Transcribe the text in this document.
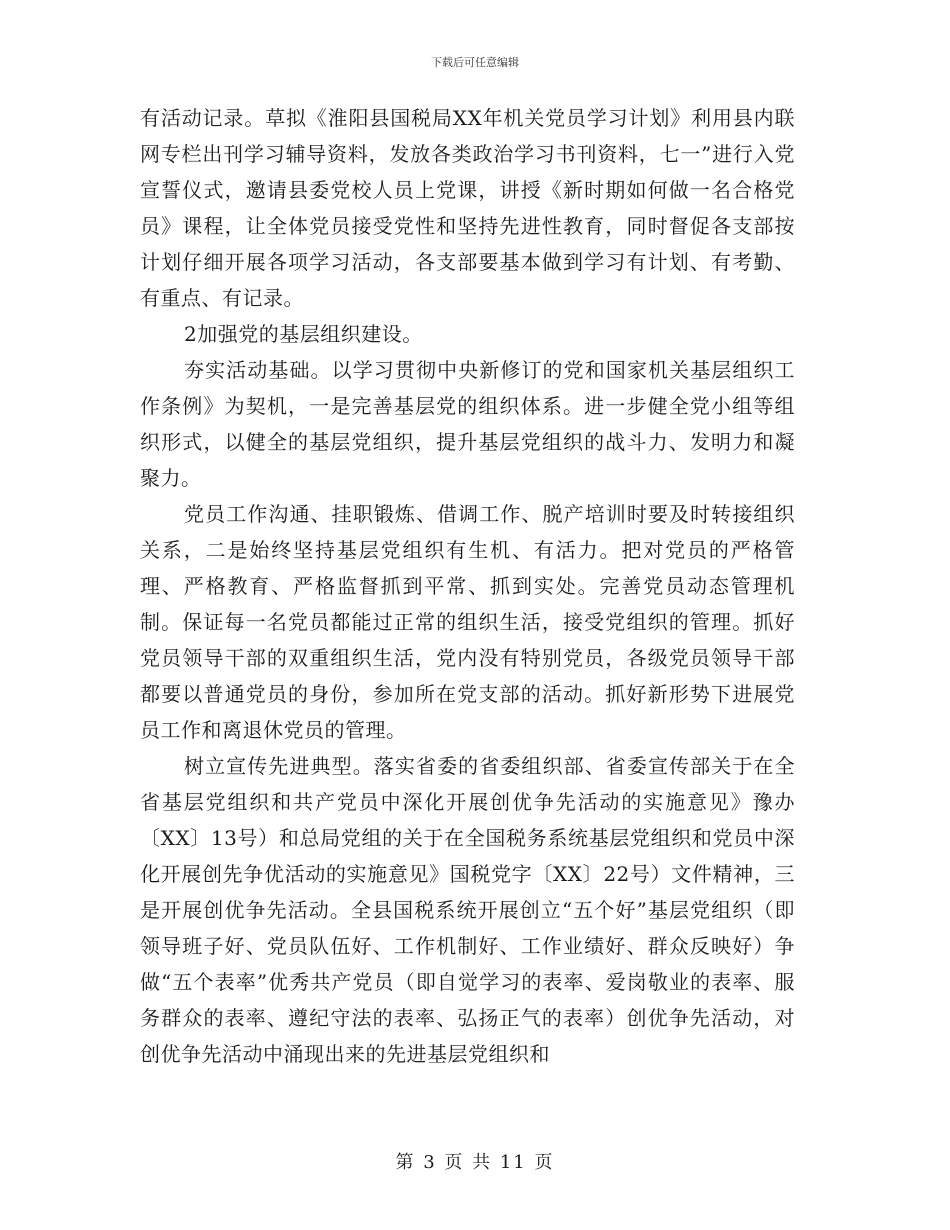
下载后可任意编辑

有活动记录。草拟《淮阳县国税局XX年机关党员学习计划》利用县内联网专栏出刊学习辅导资料，发放各类政治学习书刊资料，七一”进行入党宣誓仪式，邀请县委党校人员上党课，讲授《新时期如何做一名合格党员》课程，让全体党员接受党性和坚持先进性教育，同时督促各支部按计划仔细开展各项学习活动，各支部要基本做到学习有计划、有考勤、有重点、有记录。

2加强党的基层组织建设。

夯实活动基础。以学习贯彻中央新修订的党和国家机关基层组织工作条例》为契机，一是完善基层党的组织体系。进一步健全党小组等组织形式，以健全的基层党组织，提升基层党组织的战斗力、发明力和凝聚力。

党员工作沟通、挂职锻炼、借调工作、脱产培训时要及时转接组织关系，二是始终坚持基层党组织有生机、有活力。把对党员的严格管理、严格教育、严格监督抓到平常、抓到实处。完善党员动态管理机制。保证每一名党员都能过正常的组织生活，接受党组织的管理。抓好党员领导干部的双重组织生活，党内没有特别党员，各级党员领导干部都要以普通党员的身份，参加所在党支部的活动。抓好新形势下进展党员工作和离退休党员的管理。

树立宣传先进典型。落实省委的省委组织部、省委宣传部关于在全省基层党组织和共产党员中深化开展创优争先活动的实施意见》豫办〔XX〕13号）和总局党组的关于在全国税务系统基层党组织和党员中深化开展创先争优活动的实施意见》国税党字〔XX〕22号）文件精神，三是开展创优争先活动。全县国税系统开展创立“五个好”基层党组织（即领导班子好、党员队伍好、工作机制好、工作业绩好、群众反映好）争做“五个表率”优秀共产党员（即自觉学习的表率、爱岗敬业的表率、服务群众的表率、遵纪守法的表率、弘扬正气的表率）创优争先活动，对创优争先活动中涌现出来的先进基层党组织和

第 3 页 共 11 页
